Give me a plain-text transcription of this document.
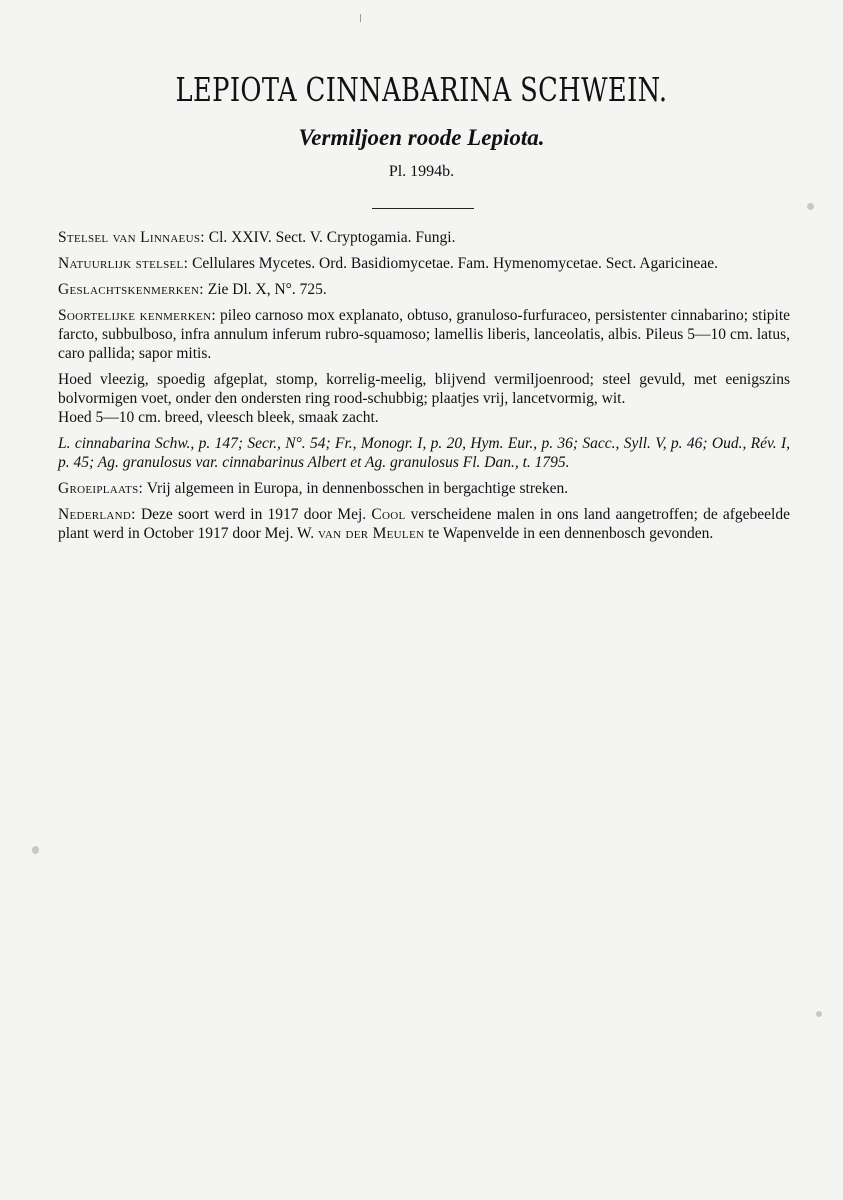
LEPIOTA CINNABARINA SCHWEIN.
Vermiljoen roode Lepiota.
Pl. 1994b.

Stelsel van Linnaeus: Cl. XXIV. Sect. V. Cryptogamia. Fungi.

Natuurlijk stelsel: Cellulares Mycetes. Ord. Basidiomycetae. Fam. Hymenomycetae. Sect. Agaricineae.

Geslachtskenmerken: Zie Dl. X, N°. 725.

Soortelijke kenmerken: pileo carnoso mox explanato, obtuso, granuloso-furfuraceo, persistenter cinnabarino; stipite farcto, subbulboso, infra annulum inferum rubro-squamoso; lamellis liberis, lanceolatis, albis. Pileus 5—10 cm. latus, caro pallida; sapor mitis.

Hoed vleezig, spoedig afgeplat, stomp, korrelig-meelig, blijvend vermiljoenrood; steel gevuld, met eenigszins bolvormigen voet, onder den ondersten ring rood-schubbig; plaatjes vrij, lancetvormig, wit.

Hoed 5—10 cm. breed, vleesch bleek, smaak zacht.

L. cinnabarina Schw., p. 147; Secr., N°. 54; Fr., Monogr. I, p. 20, Hym. Eur., p. 36; Sacc., Syll. V, p. 46; Oud., Rév. I, p. 45; Ag. granulosus var. cinnabarinus Albert et Ag. granulosus Fl. Dan., t. 1795.

Groeiplaats: Vrij algemeen in Europa, in dennenbosschen in bergachtige streken.

Nederland: Deze soort werd in 1917 door Mej. Cool verscheidene malen in ons land aangetroffen; de afgebeelde plant werd in October 1917 door Mej. W. van der Meulen te Wapenvelde in een dennenbosch gevonden.
